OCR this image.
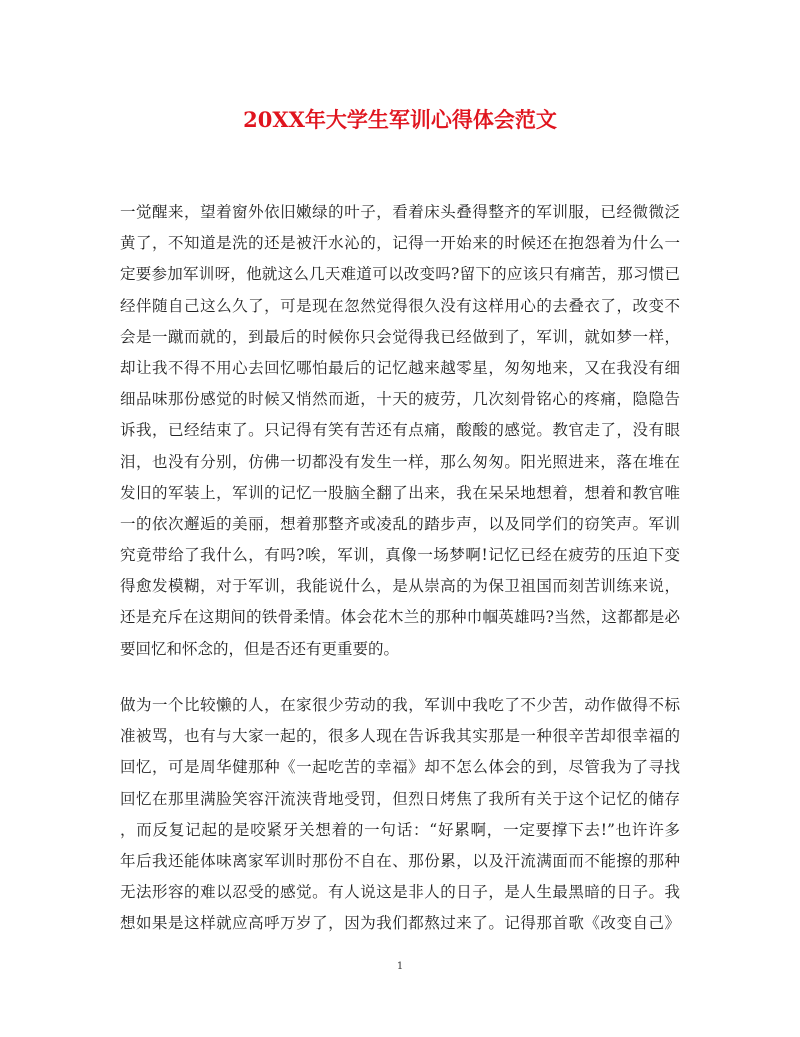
20XX年大学生军训心得体会范文
一觉醒来，望着窗外依旧嫩绿的叶子，看着床头叠得整齐的军训服，已经微微泛
黄了，不知道是洗的还是被汗水沁的，记得一开始来的时候还在抱怨着为什么一
定要参加军训呀，他就这么几天难道可以改变吗?留下的应该只有痛苦，那习惯已
经伴随自己这么久了，可是现在忽然觉得很久没有这样用心的去叠衣了，改变不
会是一蹴而就的，到最后的时候你只会觉得我已经做到了，军训，就如梦一样，
却让我不得不用心去回忆哪怕最后的记忆越来越零星，匆匆地来，又在我没有细
细品味那份感觉的时候又悄然而逝，十天的疲劳，几次刻骨铭心的疼痛，隐隐告
诉我，已经结束了。只记得有笑有苦还有点痛，酸酸的感觉。教官走了，没有眼
泪，也没有分别，仿佛一切都没有发生一样，那么匆匆。阳光照进来，落在堆在
发旧的军装上，军训的记忆一股脑全翻了出来，我在呆呆地想着，想着和教官唯
一的依次邂逅的美丽，想着那整齐或凌乱的踏步声，以及同学们的窃笑声。军训
究竟带给了我什么，有吗?唉，军训，真像一场梦啊!记忆已经在疲劳的压迫下变
得愈发模糊，对于军训，我能说什么，是从崇高的为保卫祖国而刻苦训练来说，
还是充斥在这期间的铁骨柔情。体会花木兰的那种巾帼英雄吗?当然，这都都是必
要回忆和怀念的，但是否还有更重要的。
做为一个比较懒的人，在家很少劳动的我，军训中我吃了不少苦，动作做得不标
准被骂，也有与大家一起的，很多人现在告诉我其实那是一种很辛苦却很幸福的
回忆，可是周华健那种《一起吃苦的幸福》却不怎么体会的到，尽管我为了寻找
回忆在那里满脸笑容汗流浃背地受罚，但烈日烤焦了我所有关于这个记忆的储存
，而反复记起的是咬紧牙关想着的一句话：“好累啊，一定要撑下去!”也许许多
年后我还能体味离家军训时那份不自在、那份累，以及汗流满面而不能擦的那种
无法形容的难以忍受的感觉。有人说这是非人的日子，是人生最黑暗的日子。我
想如果是这样就应高呼万岁了，因为我们都熬过来了。记得那首歌《改变自己》
1
